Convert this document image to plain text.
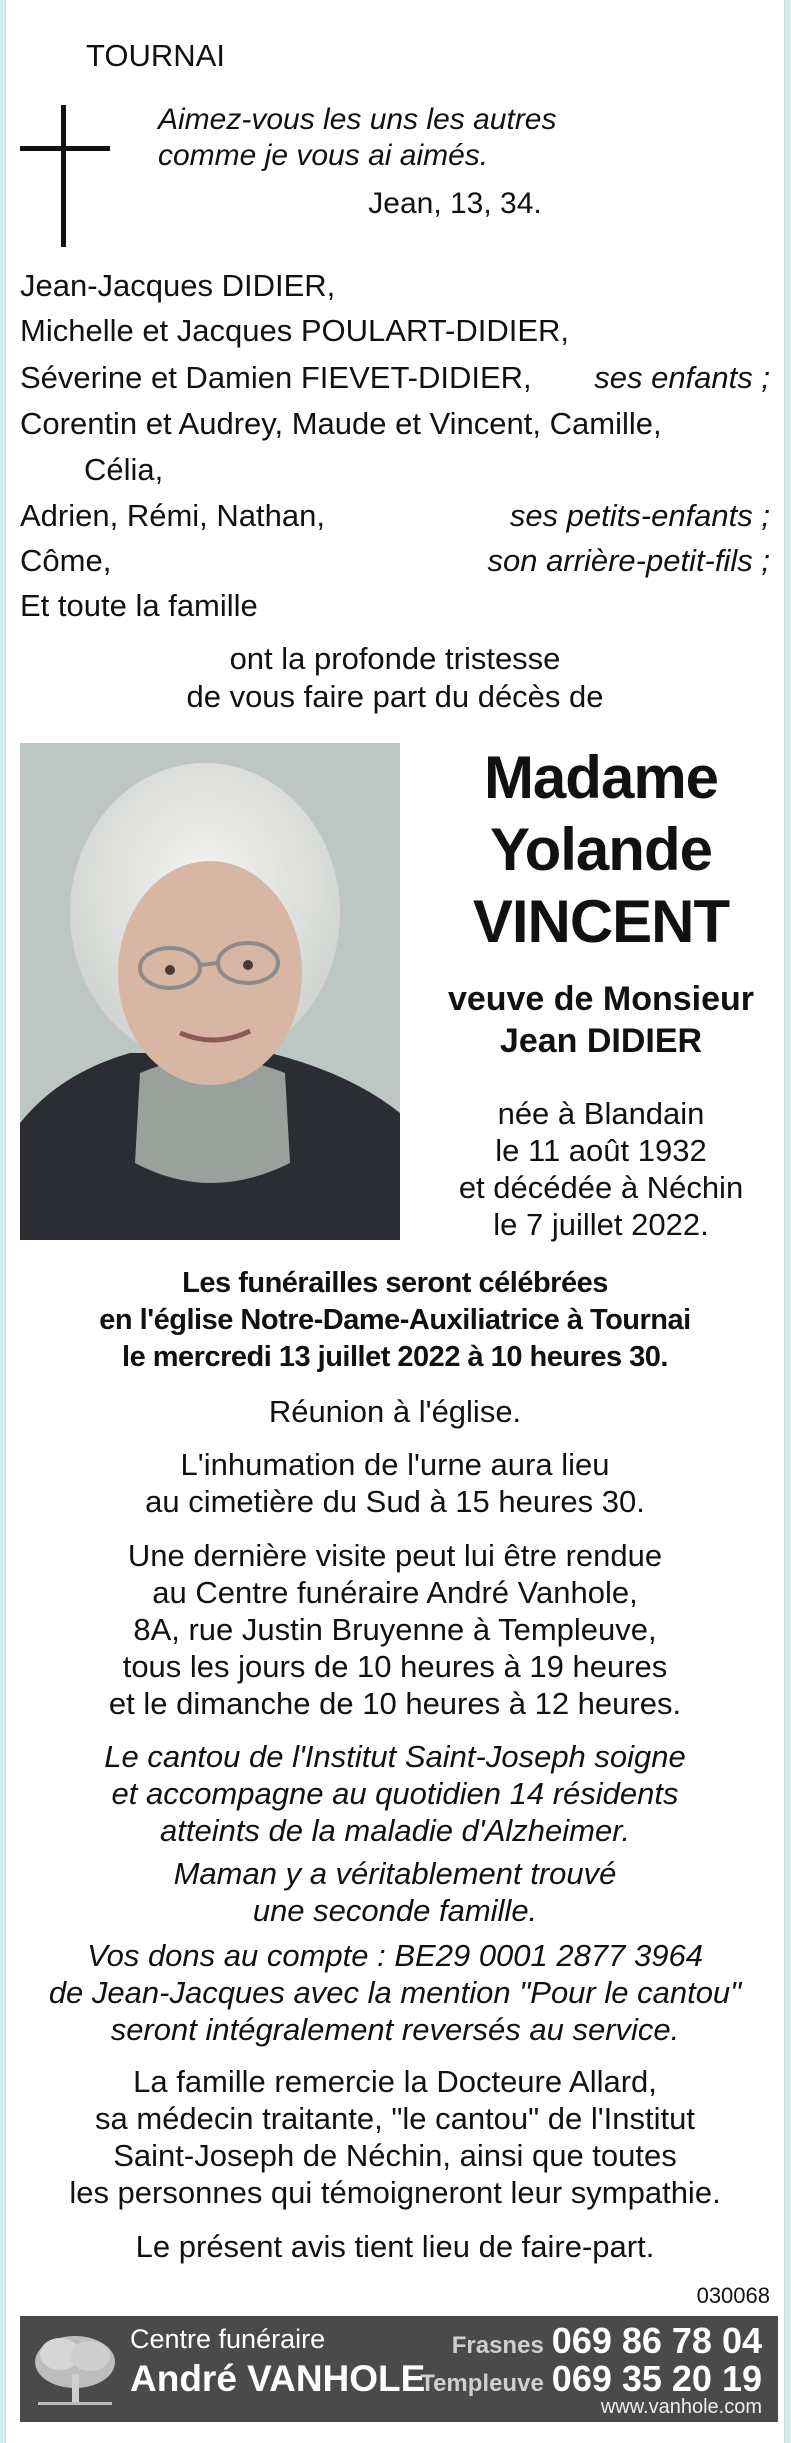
TOURNAI
Aimez-vous les uns les autres
comme je vous ai aimés.
Jean, 13, 34.
Jean-Jacques DIDIER,
Michelle et Jacques POULART-DIDIER,
Séverine et Damien FIEVET-DIDIER, ses enfants ;
Corentin et Audrey, Maude et Vincent, Camille,
Célia,
Adrien, Rémi, Nathan,	ses petits-enfants ;
Côme,	son arrière-petit-fils ;
Et toute la famille
ont la profonde tristesse
de vous faire part du décès de
Madame
Yolande
VINCENT
veuve de Monsieur
Jean DIDIER
née à Blandain
le 11 août 1932
et décédée à Néchin
le 7 juillet 2022.
Les funérailles seront célébrées
en l'église Notre-Dame-Auxiliatrice à Tournai
le mercredi 13 juillet 2022 à 10 heures 30.
Réunion à l'église.
L'inhumation de l'urne aura lieu
au cimetière du Sud à 15 heures 30.
Une dernière visite peut lui être rendue
au Centre funéraire André Vanhole,
8A, rue Justin Bruyenne à Templeuve,
tous les jours de 10 heures à 19 heures
et le dimanche de 10 heures à 12 heures.
Le cantou de l'Institut Saint-Joseph soigne
et accompagne au quotidien 14 résidents
atteints de la maladie d'Alzheimer.
Maman y a véritablement trouvé
une seconde famille.
Vos dons au compte : BE29 0001 2877 3964
de Jean-Jacques avec la mention "Pour le cantou"
seront intégralement reversés au service.
La famille remercie la Docteure Allard,
sa médecin traitante, "le cantou" de l'Institut
Saint-Joseph de Néchin, ainsi que toutes
les personnes qui témoigneront leur sympathie.
Le présent avis tient lieu de faire-part.
030068
Centre funéraire
André VANHOLE
Frasnes 069 86 78 04
Templeuve 069 35 20 19
www.vanhole.com
